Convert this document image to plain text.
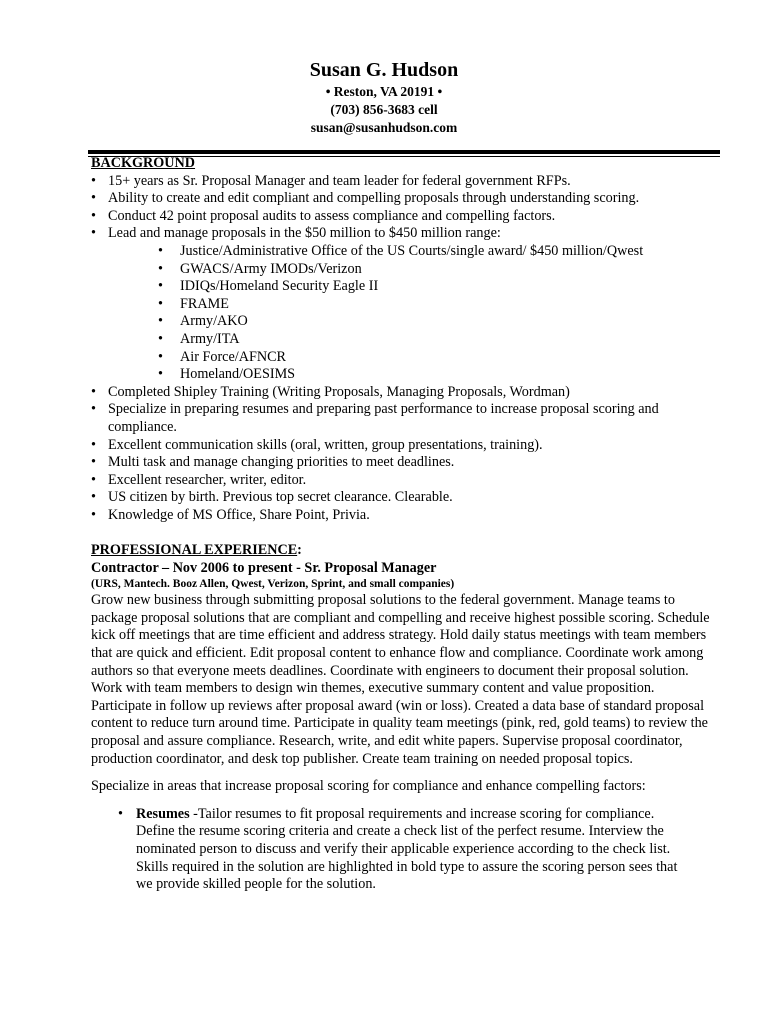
Susan G. Hudson
• Reston, VA 20191 •
(703) 856-3683 cell
susan@susanhudson.com
BACKGROUND
• 15+ years as Sr. Proposal Manager and team leader for federal government RFPs.
• Ability to create and edit compliant and compelling proposals through understanding scoring.
• Conduct 42 point proposal audits to assess compliance and compelling factors.
• Lead and manage proposals in the $50 million to $450 million range:
• Justice/Administrative Office of the US Courts/single award/ $450 million/Qwest
• GWACS/Army IMODs/Verizon
• IDIQs/Homeland Security Eagle II
• FRAME
• Army/AKO
• Army/ITA
• Air Force/AFNCR
• Homeland/OESIMS
• Completed Shipley Training (Writing Proposals, Managing Proposals, Wordman)
• Specialize in preparing resumes and preparing past performance to increase proposal scoring and compliance.
• Excellent communication skills (oral, written, group presentations, training).
• Multi task and manage changing priorities to meet deadlines.
• Excellent researcher, writer, editor.
• US citizen by birth. Previous top secret clearance. Clearable.
• Knowledge of MS Office, Share Point, Privia.
PROFESSIONAL EXPERIENCE:
Contractor – Nov 2006 to present - Sr. Proposal Manager
(URS, Mantech. Booz Allen, Qwest, Verizon, Sprint, and small companies)

Grow new business through submitting proposal solutions to the federal government. Manage teams to package proposal solutions that are compliant and compelling and receive highest possible scoring. Schedule kick off meetings that are time efficient and address strategy. Hold daily status meetings with team members that are quick and efficient. Edit proposal content to enhance flow and compliance. Coordinate work among authors so that everyone meets deadlines. Coordinate with engineers to document their proposal solution. Work with team members to design win themes, executive summary content and value proposition. Participate in follow up reviews after proposal award (win or loss). Created a data base of standard proposal content to reduce turn around time. Participate in quality team meetings (pink, red, gold teams) to review the proposal and assure compliance. Research, write, and edit white papers. Supervise proposal coordinator, production coordinator, and desk top publisher. Create team training on needed proposal topics.

Specialize in areas that increase proposal scoring for compliance and enhance compelling factors:

• Resumes -Tailor resumes to fit proposal requirements and increase scoring for compliance. Define the resume scoring criteria and create a check list of the perfect resume. Interview the nominated person to discuss and verify their applicable experience according to the check list. Skills required in the solution are highlighted in bold type to assure the scoring person sees that we provide skilled people for the solution.
